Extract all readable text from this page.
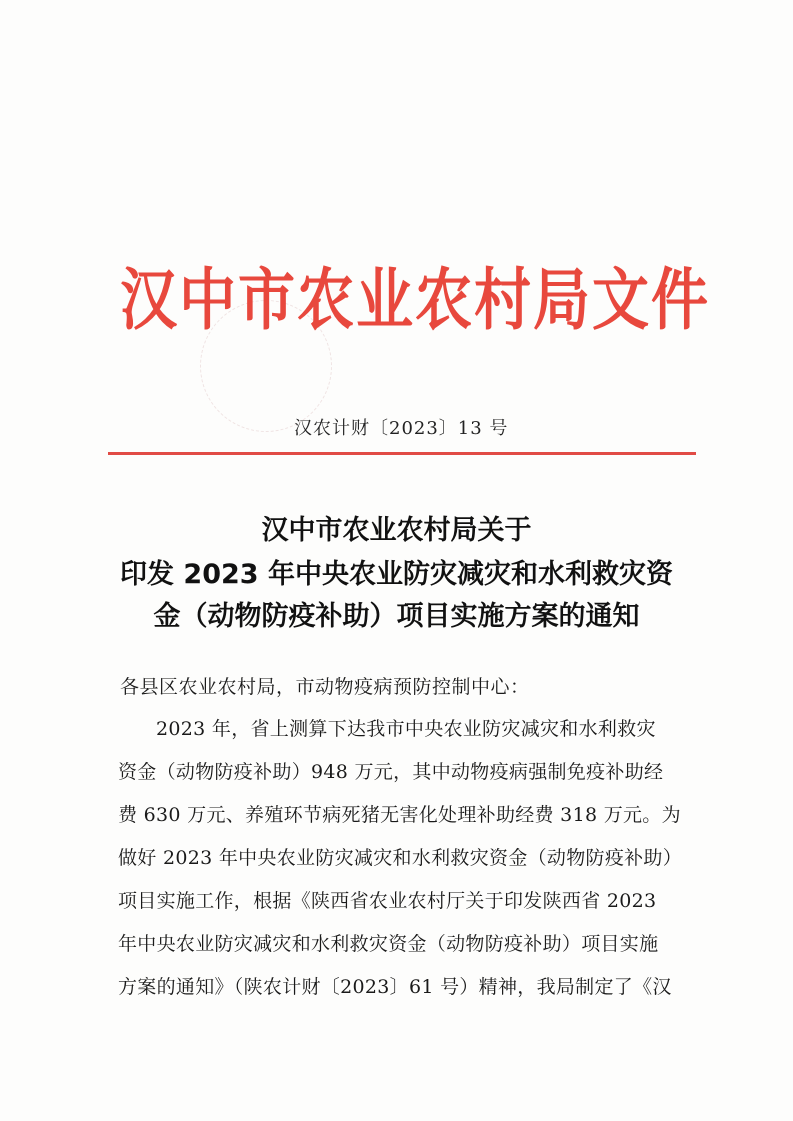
汉中市农业农村局文件
汉农计财〔2023〕13 号
汉中市农业农村局关于
印发 2023 年中央农业防灾减灾和水利救灾资
金（动物防疫补助）项目实施方案的通知
各县区农业农村局，市动物疫病预防控制中心：
2023 年，省上测算下达我市中央农业防灾减灾和水利救灾
资金（动物防疫补助）948 万元，其中动物疫病强制免疫补助经
费 630 万元、养殖环节病死猪无害化处理补助经费 318 万元。为
做好 2023 年中央农业防灾减灾和水利救灾资金（动物防疫补助）
项目实施工作，根据《陕西省农业农村厅关于印发陕西省 2023
年中央农业防灾减灾和水利救灾资金（动物防疫补助）项目实施
方案的通知》（陕农计财〔2023〕61 号）精神，我局制定了《汉
